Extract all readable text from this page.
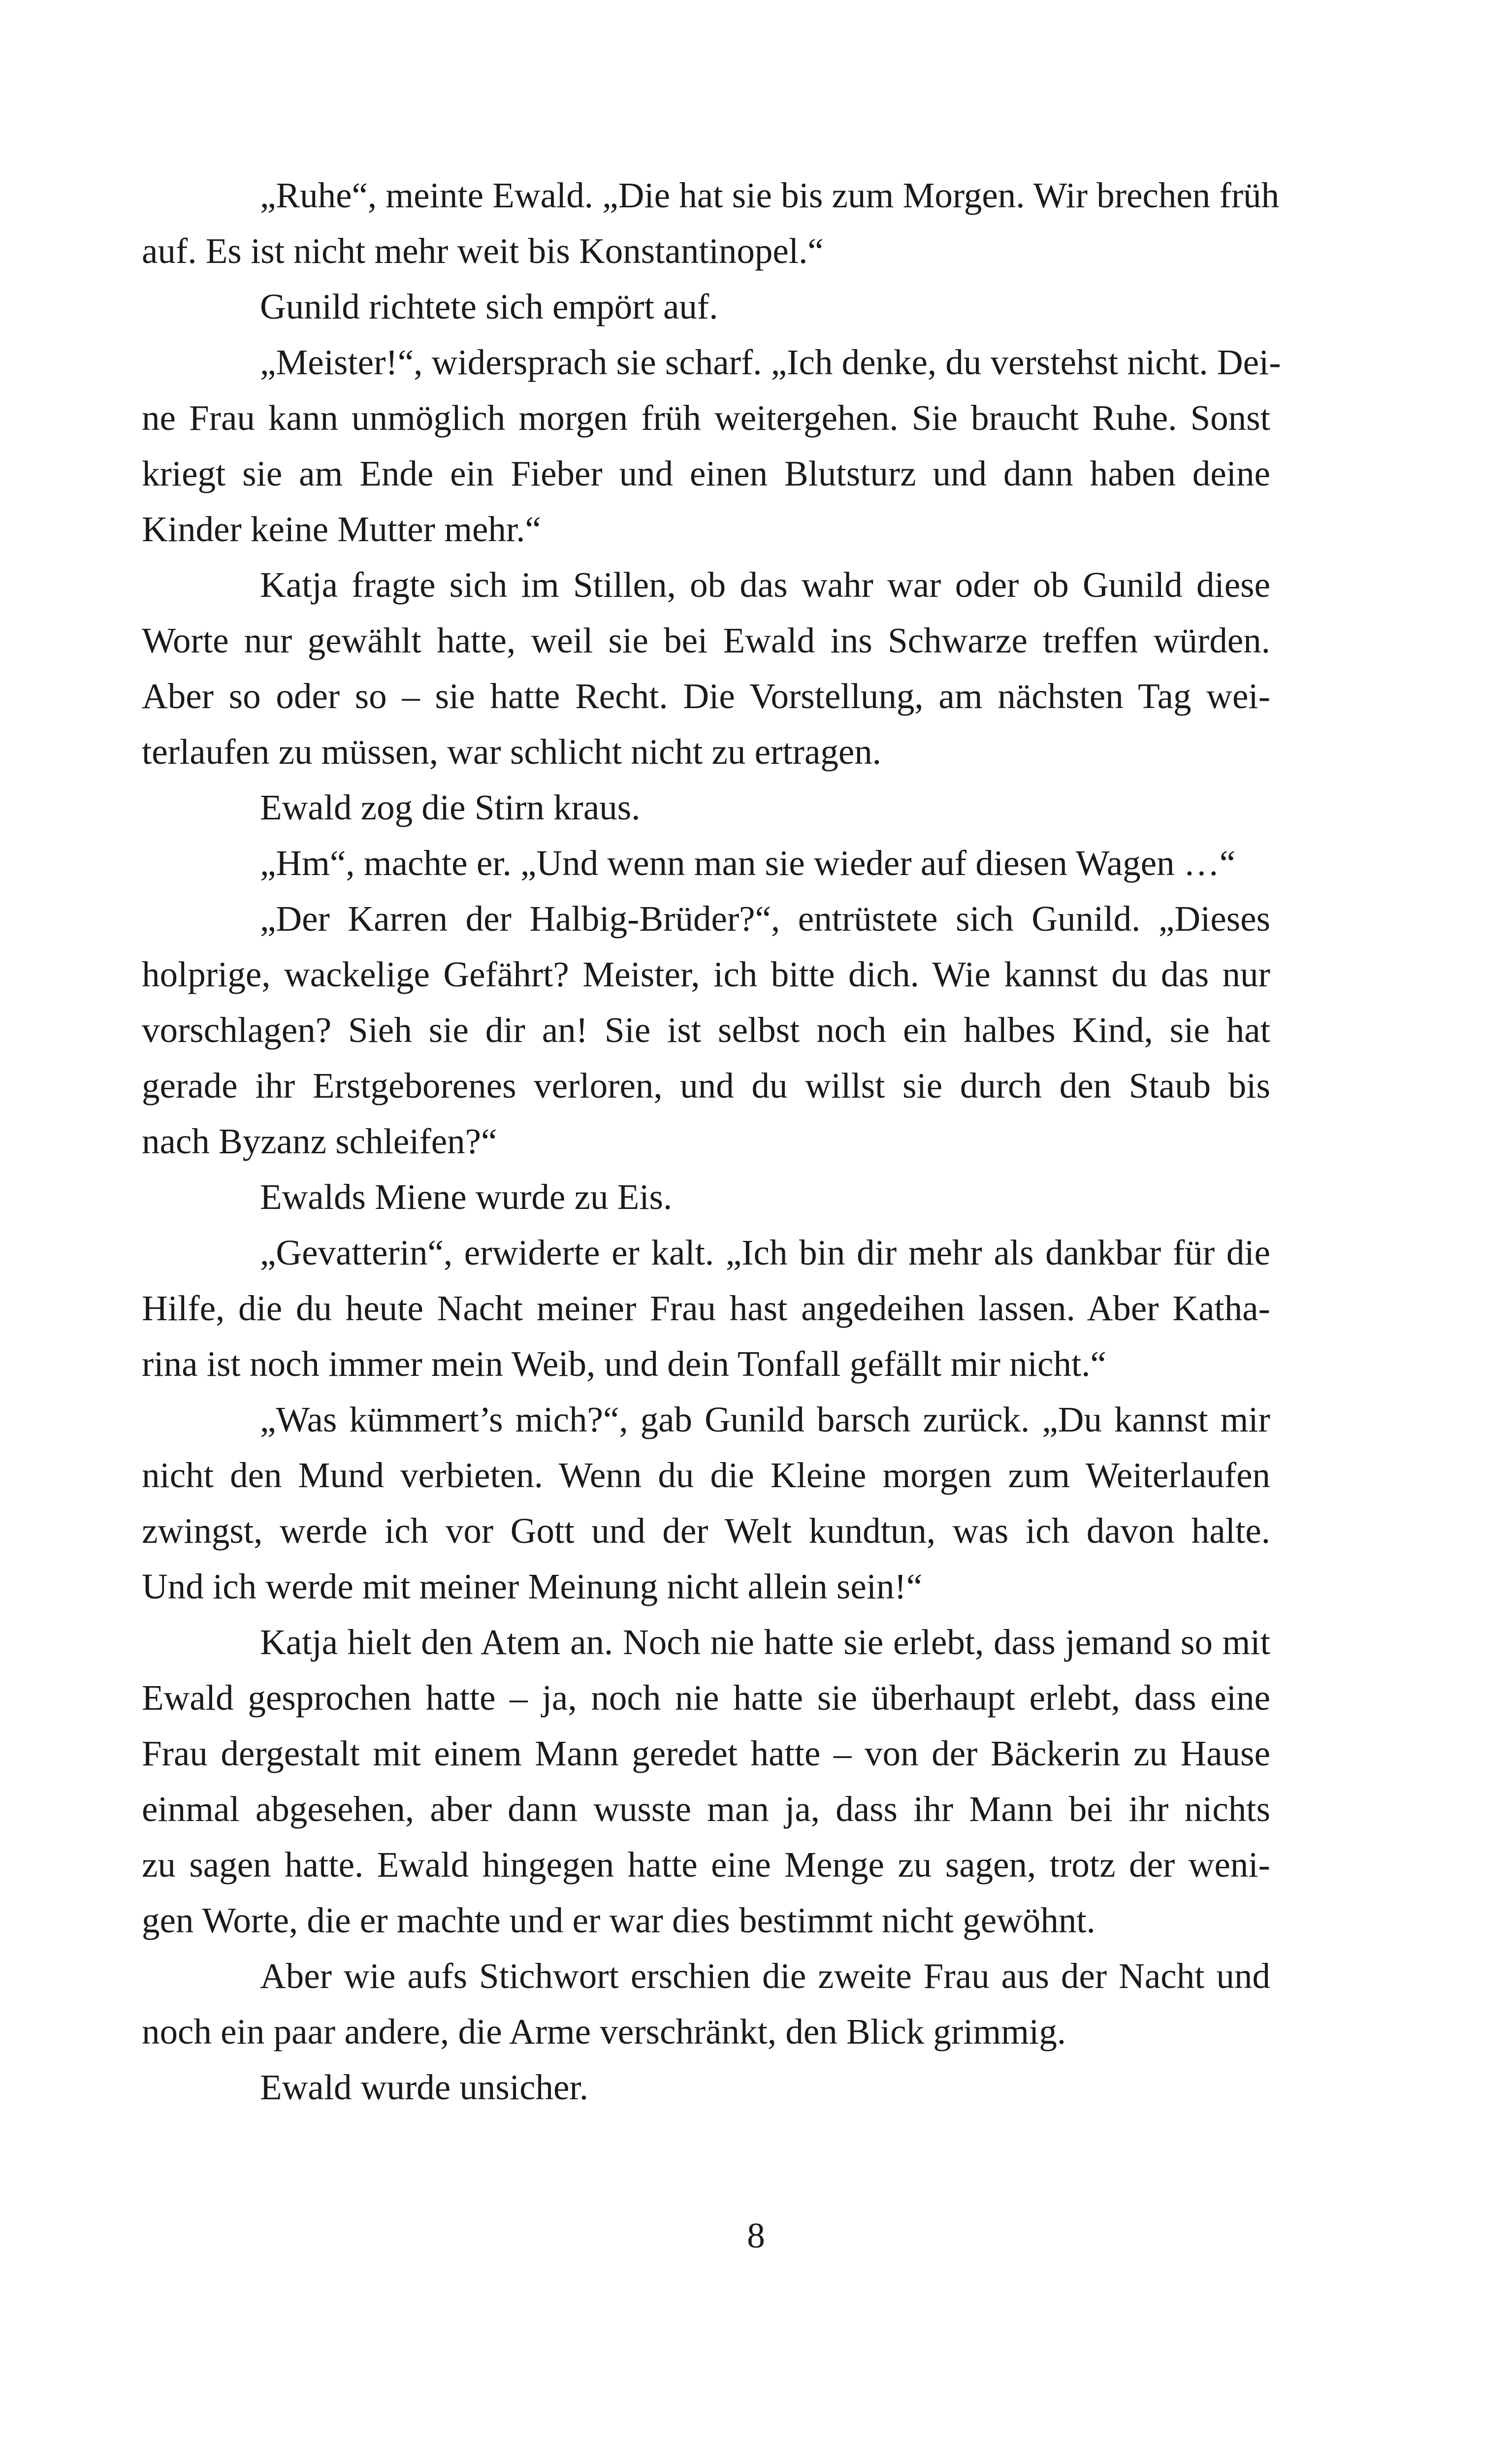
„Ruhe“, meinte Ewald. „Die hat sie bis zum Morgen. Wir brechen früh
auf. Es ist nicht mehr weit bis Konstantinopel.“
Gunild richtete sich empört auf.
„Meister!“, widersprach sie scharf. „Ich denke, du verstehst nicht. Dei-
ne Frau kann unmöglich morgen früh weitergehen. Sie braucht Ruhe. Sonst
kriegt sie am Ende ein Fieber und einen Blutsturz und dann haben deine
Kinder keine Mutter mehr.“
Katja fragte sich im Stillen, ob das wahr war oder ob Gunild diese
Worte nur gewählt hatte, weil sie bei Ewald ins Schwarze treffen würden.
Aber so oder so – sie hatte Recht. Die Vorstellung, am nächsten Tag wei-
terlaufen zu müssen, war schlicht nicht zu ertragen.
Ewald zog die Stirn kraus.
„Hm“, machte er. „Und wenn man sie wieder auf diesen Wagen …“
„Der Karren der Halbig-Brüder?“, entrüstete sich Gunild. „Dieses
holprige, wackelige Gefährt? Meister, ich bitte dich. Wie kannst du das nur
vorschlagen? Sieh sie dir an! Sie ist selbst noch ein halbes Kind, sie hat
gerade ihr Erstgeborenes verloren, und du willst sie durch den Staub bis
nach Byzanz schleifen?“
Ewalds Miene wurde zu Eis.
„Gevatterin“, erwiderte er kalt. „Ich bin dir mehr als dankbar für die
Hilfe, die du heute Nacht meiner Frau hast angedeihen lassen. Aber Katha-
rina ist noch immer mein Weib, und dein Tonfall gefällt mir nicht.“
„Was kümmert’s mich?“, gab Gunild barsch zurück. „Du kannst mir
nicht den Mund verbieten. Wenn du die Kleine morgen zum Weiterlaufen
zwingst, werde ich vor Gott und der Welt kundtun, was ich davon halte.
Und ich werde mit meiner Meinung nicht allein sein!“
Katja hielt den Atem an. Noch nie hatte sie erlebt, dass jemand so mit
Ewald gesprochen hatte – ja, noch nie hatte sie überhaupt erlebt, dass eine
Frau dergestalt mit einem Mann geredet hatte – von der Bäckerin zu Hause
einmal abgesehen, aber dann wusste man ja, dass ihr Mann bei ihr nichts
zu sagen hatte. Ewald hingegen hatte eine Menge zu sagen, trotz der weni-
gen Worte, die er machte und er war dies bestimmt nicht gewöhnt.
Aber wie aufs Stichwort erschien die zweite Frau aus der Nacht und
noch ein paar andere, die Arme verschränkt, den Blick grimmig.
Ewald wurde unsicher.
8
